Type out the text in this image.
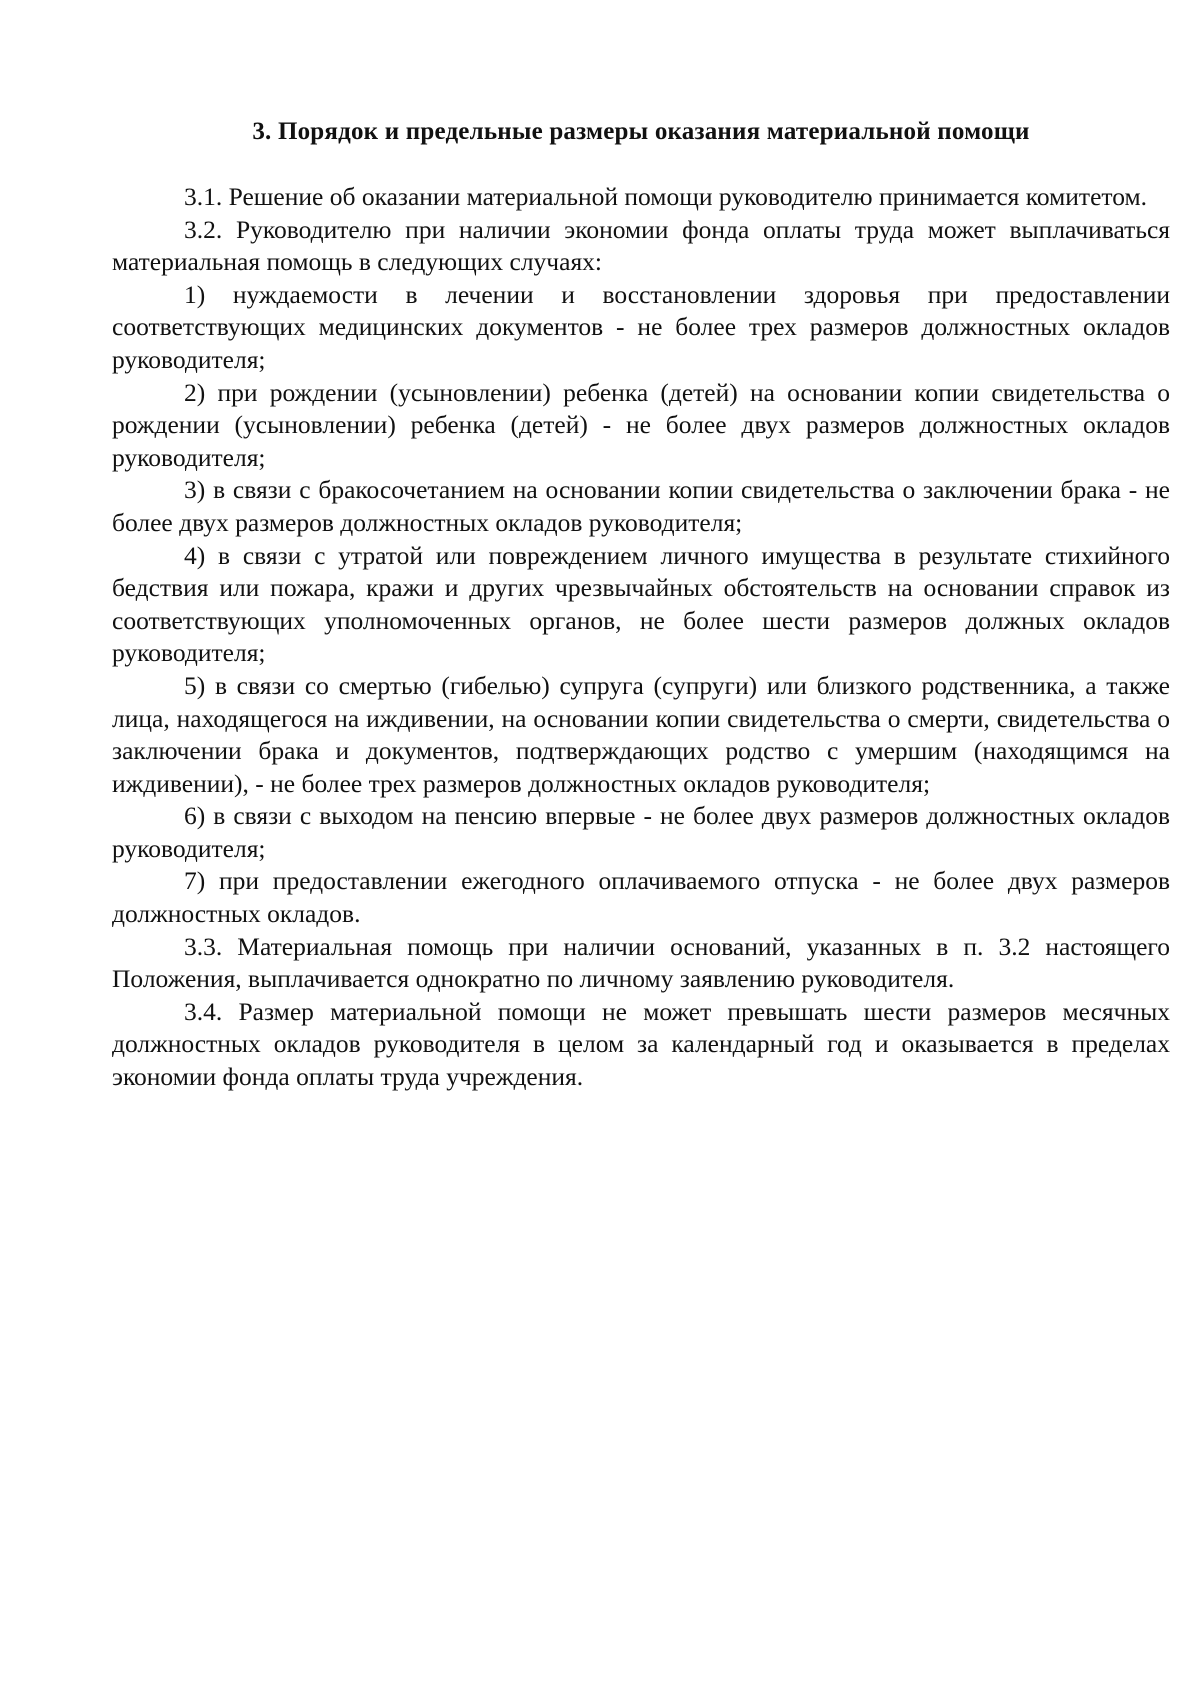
3. Порядок и предельные размеры оказания материальной помощи

3.1. Решение об оказании материальной помощи руководителю принимается комитетом.

3.2. Руководителю при наличии экономии фонда оплаты труда может выплачиваться материальная помощь в следующих случаях:

1) нуждаемости в лечении и восстановлении здоровья при предоставлении соответствующих медицинских документов - не более трех размеров должностных окладов руководителя;

2) при рождении (усыновлении) ребенка (детей) на основании копии свидетельства о рождении (усыновлении) ребенка (детей) - не более двух размеров должностных окладов руководителя;

3) в связи с бракосочетанием на основании копии свидетельства о заключении брака - не более двух размеров должностных окладов руководителя;

4) в связи с утратой или повреждением личного имущества в результате стихийного бедствия или пожара, кражи и других чрезвычайных обстоятельств на основании справок из соответствующих уполномоченных органов, не более шести размеров должных окладов руководителя;

5) в связи со смертью (гибелью) супруга (супруги) или близкого родственника, а также лица, находящегося на иждивении, на основании копии свидетельства о смерти, свидетельства о заключении брака и документов, подтверждающих родство с умершим (находящимся на иждивении), - не более трех размеров должностных окладов руководителя;

6) в связи с выходом на пенсию впервые - не более двух размеров должностных окладов руководителя;

7) при предоставлении ежегодного оплачиваемого отпуска - не более двух размеров должностных окладов.

3.3. Материальная помощь при наличии оснований, указанных в п. 3.2 настоящего Положения, выплачивается однократно по личному заявлению руководителя.

3.4. Размер материальной помощи не может превышать шести размеров месячных должностных окладов руководителя в целом за календарный год и оказывается в пределах экономии фонда оплаты труда учреждения.
